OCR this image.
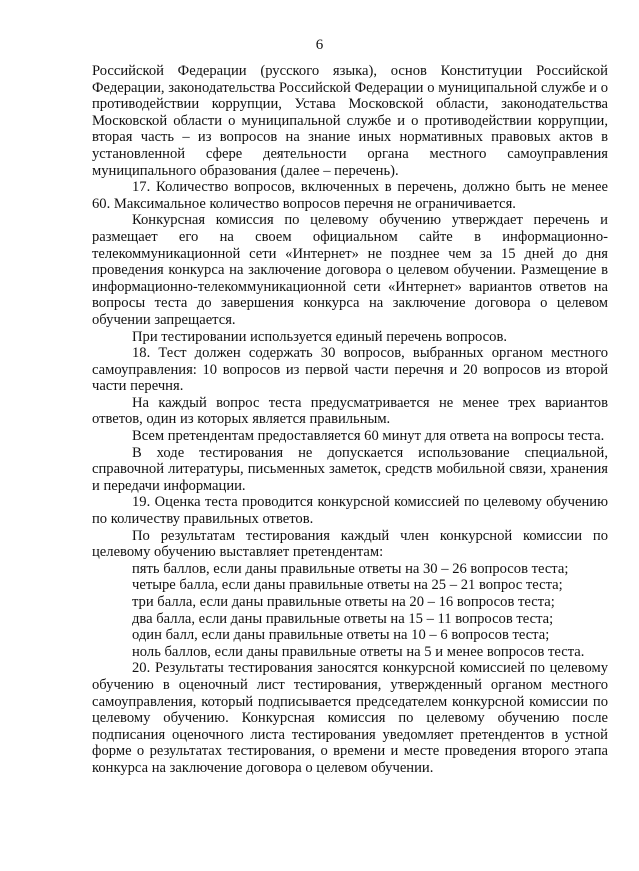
6

Российской Федерации (русского языка), основ Конституции Российской Федерации, законодательства Российской Федерации о муниципальной службе и о противодействии коррупции, Устава Московской области, законодательства Московской области о муниципальной службе и о противодействии коррупции, вторая часть – из вопросов на знание иных нормативных правовых актов в установленной сфере деятельности органа местного самоуправления муниципального образования (далее – перечень).

17. Количество вопросов, включенных в перечень, должно быть не менее 60. Максимальное количество вопросов перечня не ограничивается.

Конкурсная комиссия по целевому обучению утверждает перечень и размещает его на своем официальном сайте в информационно-телекоммуникационной сети «Интернет» не позднее чем за 15 дней до дня проведения конкурса на заключение договора о целевом обучении. Размещение в информационно-телекоммуникационной сети «Интернет» вариантов ответов на вопросы теста до завершения конкурса на заключение договора о целевом обучении запрещается.

При тестировании используется единый перечень вопросов.

18. Тест должен содержать 30 вопросов, выбранных органом местного самоуправления: 10 вопросов из первой части перечня и 20 вопросов из второй части перечня.

На каждый вопрос теста предусматривается не менее трех вариантов ответов, один из которых является правильным.

Всем претендентам предоставляется 60 минут для ответа на вопросы теста.

В ходе тестирования не допускается использование специальной, справочной литературы, письменных заметок, средств мобильной связи, хранения и передачи информации.

19. Оценка теста проводится конкурсной комиссией по целевому обучению по количеству правильных ответов.

По результатам тестирования каждый член конкурсной комиссии по целевому обучению выставляет претендентам:

пять баллов, если даны правильные ответы на 30 – 26 вопросов теста;

четыре балла, если даны правильные ответы на 25 – 21 вопрос теста;

три балла, если даны правильные ответы на 20 – 16 вопросов теста;

два балла, если даны правильные ответы на 15 – 11 вопросов теста;

один балл, если даны правильные ответы на 10 – 6 вопросов теста;

ноль баллов, если даны правильные ответы на 5 и менее вопросов теста.

20. Результаты тестирования заносятся конкурсной комиссией по целевому обучению в оценочный лист тестирования, утвержденный органом местного самоуправления, который подписывается председателем конкурсной комиссии по целевому обучению. Конкурсная комиссия по целевому обучению после подписания оценочного листа тестирования уведомляет претендентов в устной форме о результатах тестирования, о времени и месте проведения второго этапа конкурса на заключение договора о целевом обучении.
